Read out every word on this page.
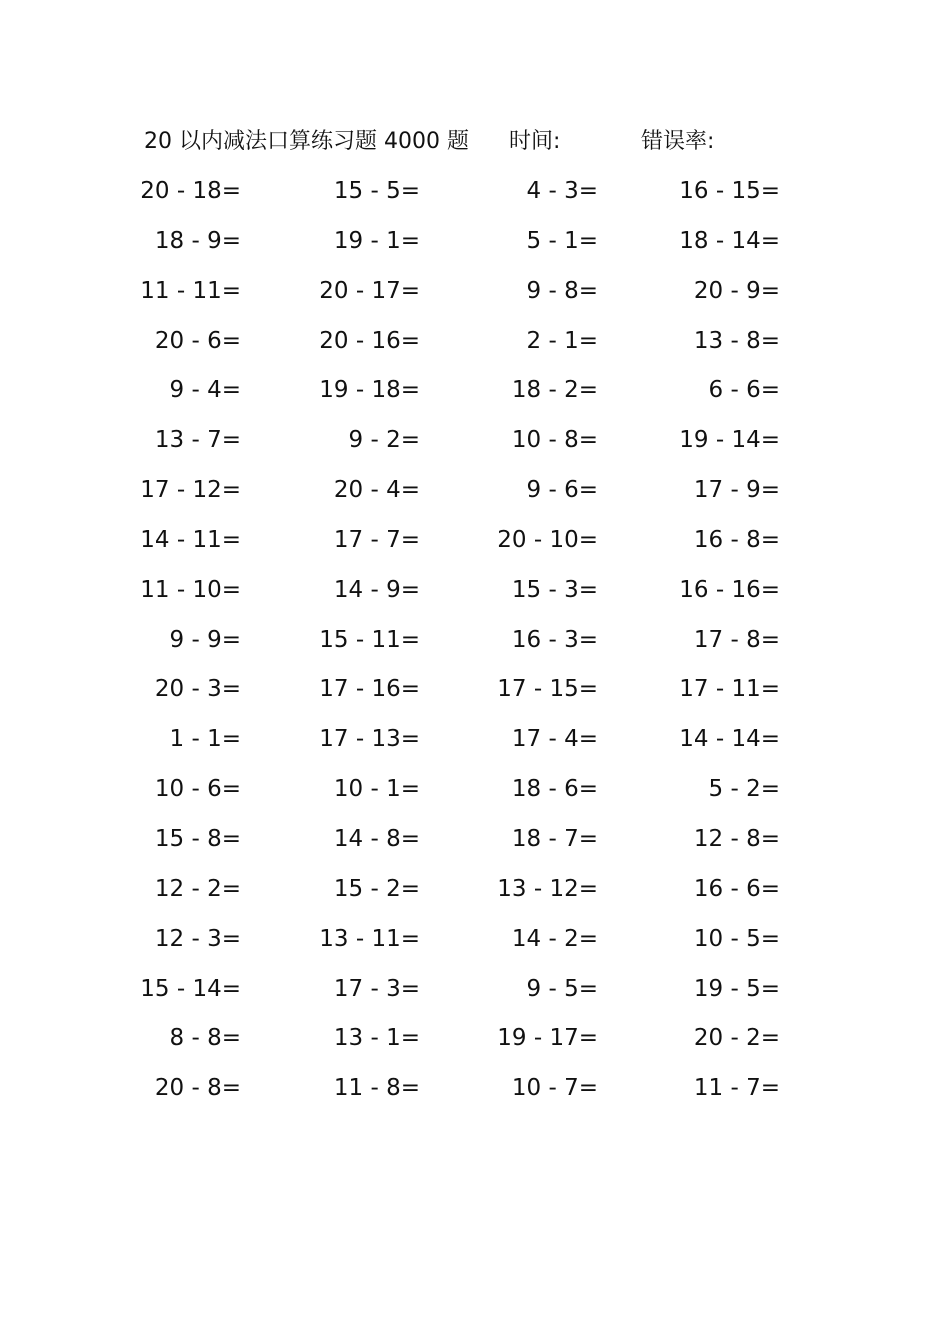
20 以内减法口算练习题 4000 题 时间:	错误率:
20 - 18=	15 - 5=	4 - 3=	16 - 15=
18 - 9=	19 - 1=	5 - 1=	18 - 14=
11 - 11=	20 - 17=	9 - 8=	20 - 9=
20 - 6=	20 - 16=	2 - 1=	13 - 8=
9 - 4=	19 - 18=	18 - 2=	6 - 6=
13 - 7=	9 - 2=	10 - 8=	19 - 14=
17 - 12=	20 - 4=	9 - 6=	17 - 9=
14 - 11=	17 - 7=	20 - 10=	16 - 8=
11 - 10=	14 - 9=	15 - 3=	16 - 16=
9 - 9=	15 - 11=	16 - 3=	17 - 8=
20 - 3=	17 - 16=	17 - 15=	17 - 11=
1 - 1=	17 - 13=	17 - 4=	14 - 14=
10 - 6=	10 - 1=	18 - 6=	5 - 2=
15 - 8=	14 - 8=	18 - 7=	12 - 8=
12 - 2=	15 - 2=	13 - 12=	16 - 6=
12 - 3=	13 - 11=	14 - 2=	10 - 5=
15 - 14=	17 - 3=	9 - 5=	19 - 5=
8 - 8=	13 - 1=	19 - 17=	20 - 2=
20 - 8=	11 - 8=	10 - 7=	11 - 7=
